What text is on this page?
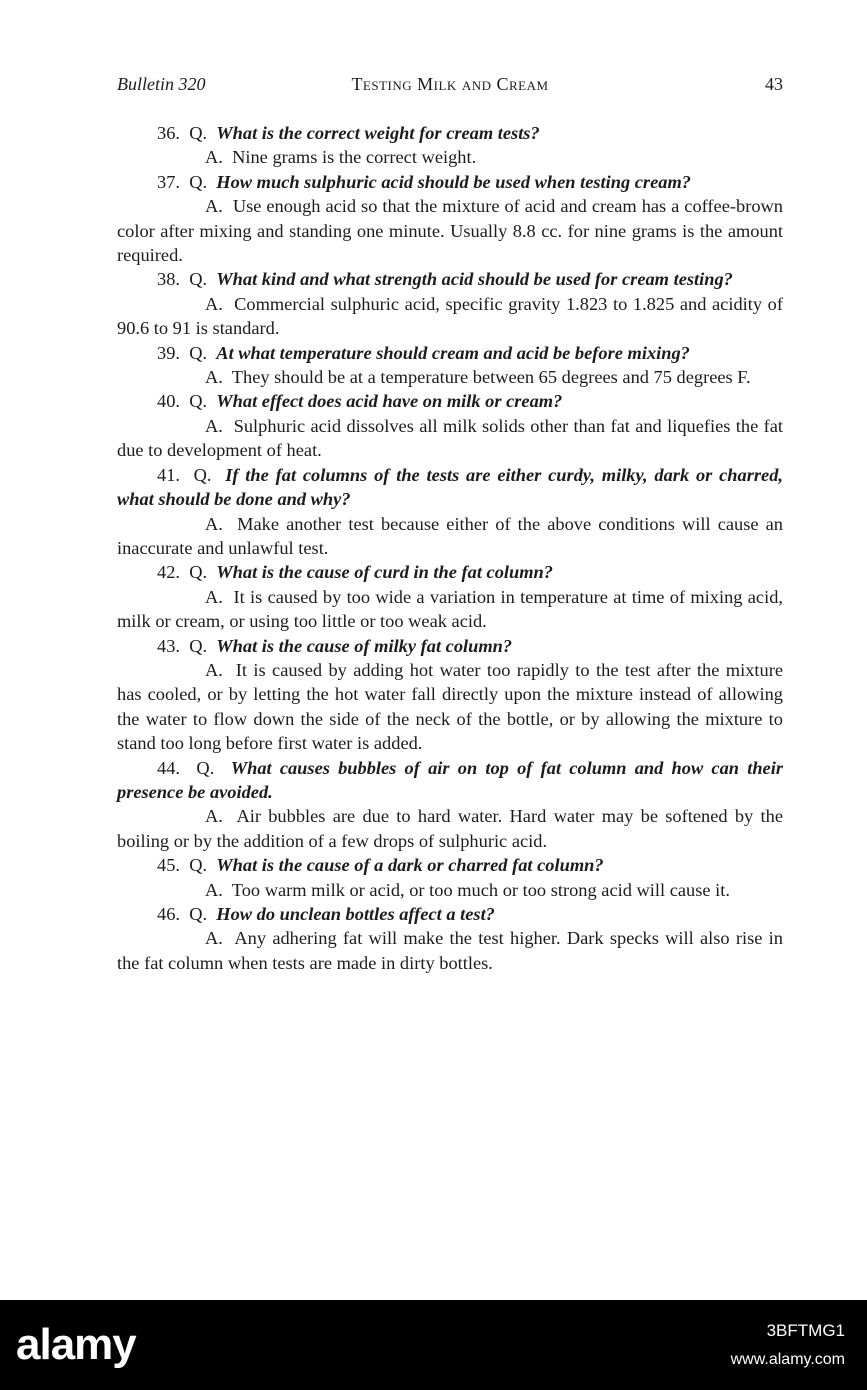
Bulletin 320	Testing Milk and Cream	43
36. Q. What is the correct weight for cream tests?
A. Nine grams is the correct weight.
37. Q. How much sulphuric acid should be used when testing cream?
A. Use enough acid so that the mixture of acid and cream has a coffee-brown color after mixing and standing one minute. Usually 8.8 cc. for nine grams is the amount required.
38. Q. What kind and what strength acid should be used for cream testing?
A. Commercial sulphuric acid, specific gravity 1.823 to 1.825 and acidity of 90.6 to 91 is standard.
39. Q. At what temperature should cream and acid be before mixing?
A. They should be at a temperature between 65 degrees and 75 degrees F.
40. Q. What effect does acid have on milk or cream?
A. Sulphuric acid dissolves all milk solids other than fat and liquefies the fat due to development of heat.
41. Q. If the fat columns of the tests are either curdy, milky, dark or charred, what should be done and why?
A. Make another test because either of the above conditions will cause an inaccurate and unlawful test.
42. Q. What is the cause of curd in the fat column?
A. It is caused by too wide a variation in temperature at time of mixing acid, milk or cream, or using too little or too weak acid.
43. Q. What is the cause of milky fat column?
A. It is caused by adding hot water too rapidly to the test after the mixture has cooled, or by letting the hot water fall directly upon the mixture instead of allowing the water to flow down the side of the neck of the bottle, or by allowing the mixture to stand too long before first water is added.
44. Q. What causes bubbles of air on top of fat column and how can their presence be avoided.
A. Air bubbles are due to hard water. Hard water may be softened by the boiling or by the addition of a few drops of sulphuric acid.
45. Q. What is the cause of a dark or charred fat column?
A. Too warm milk or acid, or too much or too strong acid will cause it.
46. Q. How do unclean bottles affect a test?
A. Any adhering fat will make the test higher. Dark specks will also rise in the fat column when tests are made in dirty bottles.
alamy	3BFTMG1
www.alamy.com
